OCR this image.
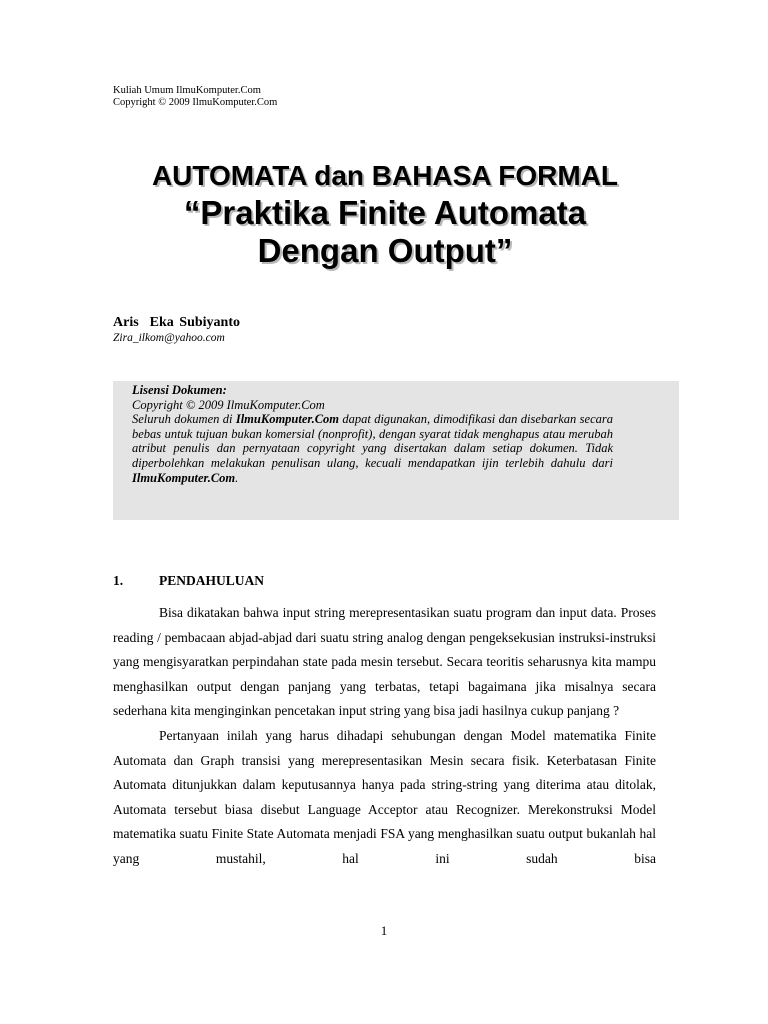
Kuliah Umum IlmuKomputer.Com
Copyright © 2009 IlmuKomputer.Com
AUTOMATA dan BAHASA FORMAL
“Praktika Finite Automata
Dengan Output”
Aris  Eka Subiyanto
Zira_ilkom@yahoo.com
Lisensi Dokumen:
Copyright © 2009 IlmuKomputer.Com
Seluruh dokumen di IlmuKomputer.Com dapat digunakan, dimodifikasi dan disebarkan secara bebas untuk tujuan bukan komersial (nonprofit), dengan syarat tidak menghapus atau merubah atribut penulis dan pernyataan copyright yang disertakan dalam setiap dokumen. Tidak diperbolehkan melakukan penulisan ulang, kecuali mendapatkan ijin terlebih dahulu dari IlmuKomputer.Com.
1.	PENDAHULUAN

Bisa dikatakan bahwa input string merepresentasikan suatu program dan input data. Proses reading / pembacaan abjad-abjad dari suatu string analog dengan pengeksekusian instruksi-instruksi yang mengisyaratkan perpindahan state pada mesin tersebut. Secara teoritis seharusnya kita mampu menghasilkan output dengan panjang yang terbatas, tetapi bagaimana jika misalnya secara sederhana kita menginginkan pencetakan input string yang bisa jadi hasilnya cukup panjang ?

Pertanyaan inilah yang harus dihadapi sehubungan dengan Model matematika Finite Automata dan Graph transisi yang merepresentasikan Mesin secara fisik. Keterbatasan Finite Automata ditunjukkan dalam keputusannya hanya pada string-string yang diterima atau ditolak, Automata tersebut biasa disebut Language Acceptor atau Recognizer. Merekonstruksi Model matematika suatu Finite State Automata menjadi FSA yang menghasilkan suatu output bukanlah hal yang mustahil, hal ini sudah bisa

1
